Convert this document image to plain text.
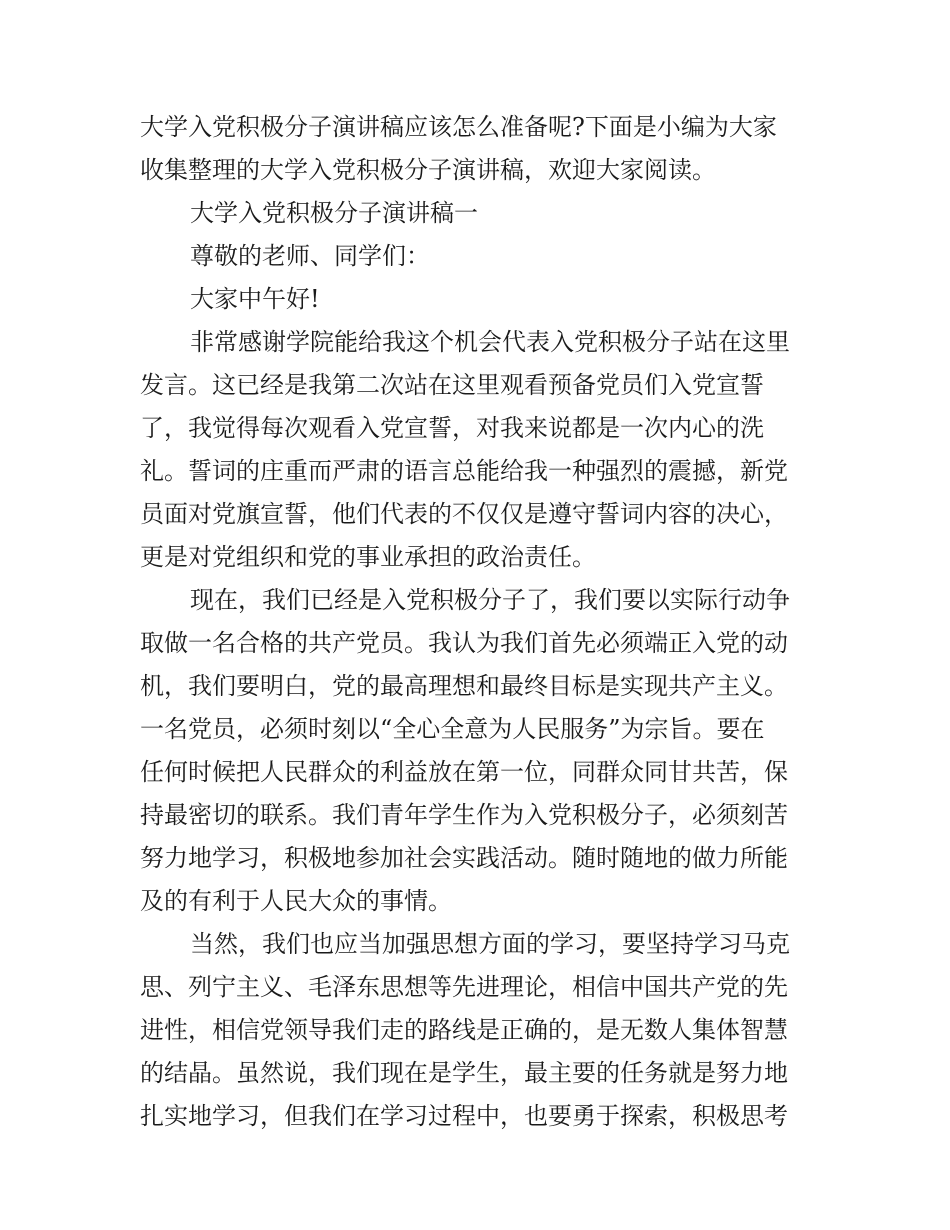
大学入党积极分子演讲稿应该怎么准备呢?下面是小编为大家
收集整理的大学入党积极分子演讲稿，欢迎大家阅读。
大学入党积极分子演讲稿一
尊敬的老师、同学们：
大家中午好!
非常感谢学院能给我这个机会代表入党积极分子站在这里
发言。这已经是我第二次站在这里观看预备党员们入党宣誓
了，我觉得每次观看入党宣誓，对我来说都是一次内心的洗
礼。誓词的庄重而严肃的语言总能给我一种强烈的震撼，新党
员面对党旗宣誓，他们代表的不仅仅是遵守誓词内容的决心，
更是对党组织和党的事业承担的政治责任。
现在，我们已经是入党积极分子了，我们要以实际行动争
取做一名合格的共产党员。我认为我们首先必须端正入党的动
机，我们要明白，党的最高理想和最终目标是实现共产主义。
一名党员，必须时刻以“全心全意为人民服务”为宗旨。要在
任何时候把人民群众的利益放在第一位，同群众同甘共苦，保
持最密切的联系。我们青年学生作为入党积极分子，必须刻苦
努力地学习，积极地参加社会实践活动。随时随地的做力所能
及的有利于人民大众的事情。
当然，我们也应当加强思想方面的学习，要坚持学习马克
思、列宁主义、毛泽东思想等先进理论，相信中国共产党的先
进性，相信党领导我们走的路线是正确的，是无数人集体智慧
的结晶。虽然说，我们现在是学生，最主要的任务就是努力地
扎实地学习，但我们在学习过程中，也要勇于探索，积极思考
